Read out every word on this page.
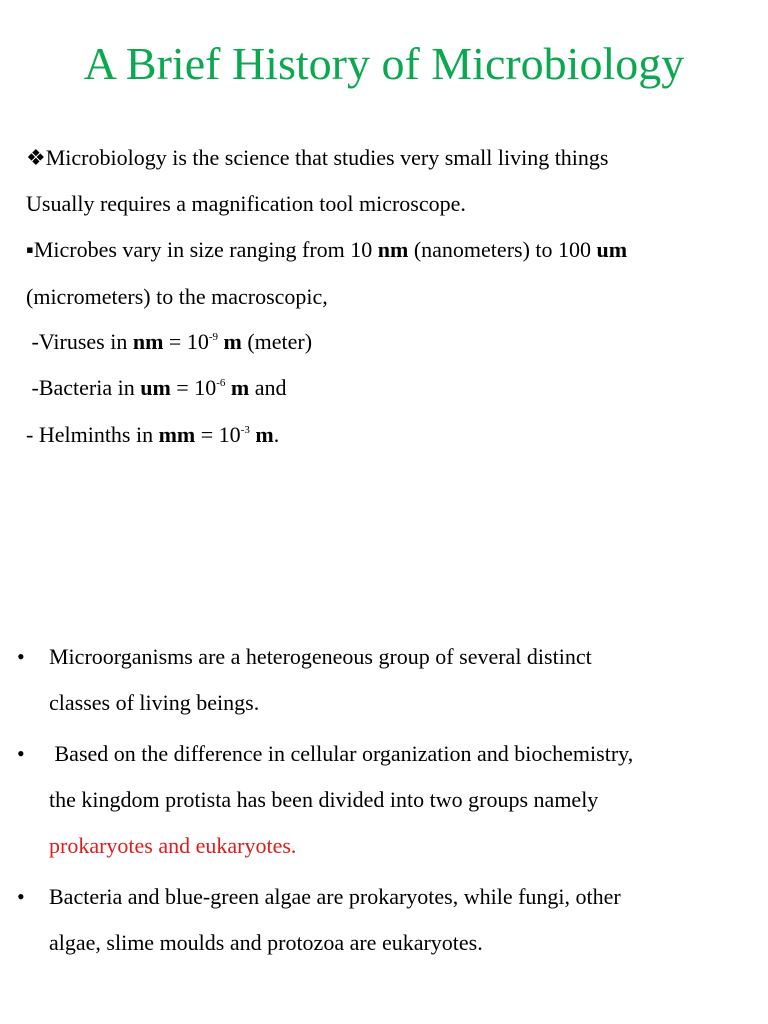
A Brief History of Microbiology
❖Microbiology is the science that studies very small living things
Usually requires a magnification tool microscope.
▪Microbes vary in size ranging from 10 nm (nanometers) to 100 um
(micrometers) to the macroscopic,
-Viruses in nm = $10^{-9}$ m (meter)
-Bacteria in um = $10^{-6}$ m and
- Helminths in mm = $10^{-3}$ m.
• Microorganisms are a heterogeneous group of several distinct
classes of living beings.
• Based on the difference in cellular organization and biochemistry,
the kingdom protista has been divided into two groups namely
prokaryotes and eukaryotes.
• Bacteria and blue-green algae are prokaryotes, while fungi, other
algae, slime moulds and protozoa are eukaryotes.
